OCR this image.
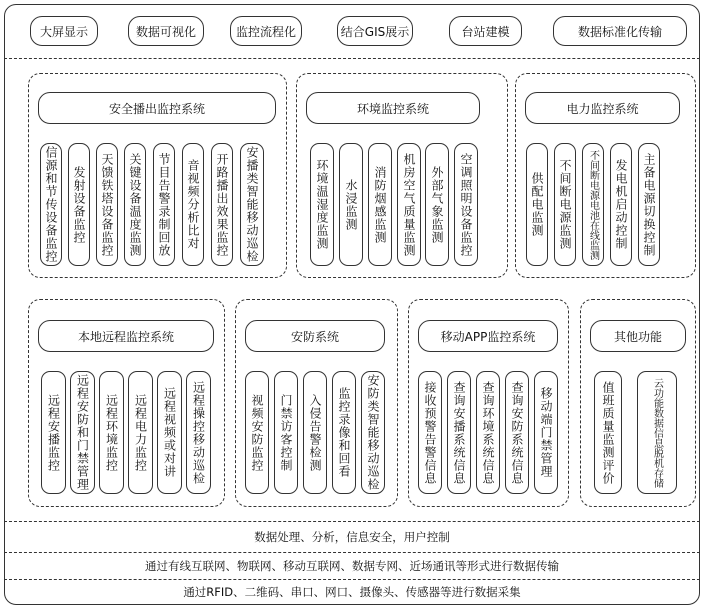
大屏显示	数据可视化	监控流程化	结合GIS展示	台站建模	数据标准化传输
安全播出监控系统	环境监控系统	电力监控系统
信源和节传设备监控 发射设备监控 天馈铁塔设备监控 关键设备温度监测 节目告警录制回放 音视频分析比对 开路播出效果监控 安播类智能移动巡检	环境温湿度监测 水浸监测 消防烟感监测 机房空气质量监测 外部气象监测 空调照明设备监控	供配电监测 不间断电源监测 不间断电源电池在线监测 发电机启动控制 主备电源切换控制
本地远程监控系统	安防系统	移动APP监控系统	其他功能
远程安播监控 远程安防和门禁管理 远程环境监控 远程电力监控 远程视频或对讲 远程操控移动巡检	视频安防监控 门禁访客控制 入侵告警检测 监控录像和回看 安防类智能移动巡检	接收预警告警信息 查询安播系统信息 查询环境系统信息 查询安防系统信息 移动端门禁管理	值班质量监测评价	云功能数据信息脱机存储
数据处理、分析，信息安全，用户控制
通过有线互联网、物联网、移动互联网、数据专网、近场通讯等形式进行数据传输
通过RFID、二维码、串口、网口、摄像头、传感器等进行数据采集
